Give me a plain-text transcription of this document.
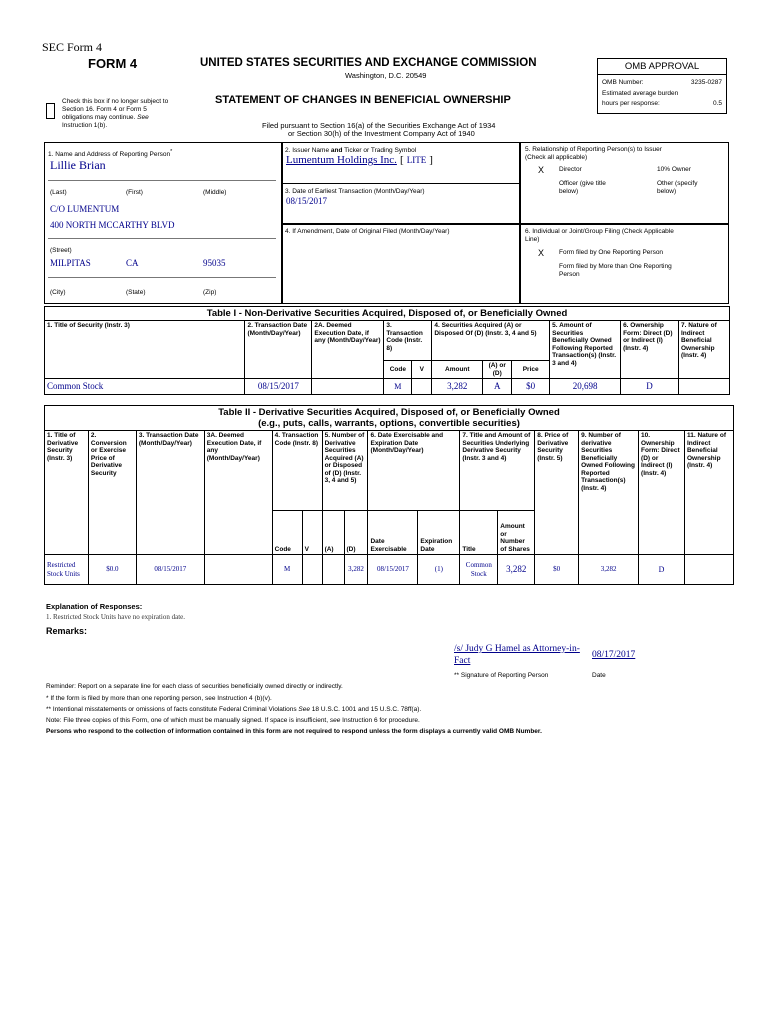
SEC Form 4
FORM 4	UNITED STATES SECURITIES AND EXCHANGE COMMISSION
Washington, D.C. 20549
OMB APPROVAL
OMB Number:	3235-0287
Estimated average burden
hours per response:	0.5
Check this box if no longer subject to
Section 16. Form 4 or Form 5
obligations may continue. See
Instruction 1(b).
STATEMENT OF CHANGES IN BENEFICIAL OWNERSHIP
Filed pursuant to Section 16(a) of the Securities Exchange Act of 1934
or Section 30(h) of the Investment Company Act of 1940
1. Name and Address of Reporting Person*
Lillie Brian
(Last)	(First)	(Middle)
C/O LUMENTUM
400 NORTH MCCARTHY BLVD
(Street)
MILPITAS	CA	95035
(City)	(State)	(Zip)
2. Issuer Name and Ticker or Trading Symbol
Lumentum Holdings Inc. [ LITE ]
3. Date of Earliest Transaction (Month/Day/Year)
08/15/2017
4. If Amendment, Date of Original Filed (Month/Day/Year)
5. Relationship of Reporting Person(s) to Issuer
(Check all applicable)
X Director	10% Owner
Officer (give title
below)
Other (specify
below)
6. Individual or Joint/Group Filing (Check Applicable
Line)
X Form filed by One Reporting Person
Form filed by More than One Reporting
Person
Table I - Non-Derivative Securities Acquired, Disposed of, or Beneficially Owned										
1. Title of Security (Instr. 3)	2. Transaction Date (Month/Day/Year)	2A. Deemed Execution Date, if any (Month/Day/Year)	3. Transaction Code (Instr. 8)		4. Securities Acquired (A) or Disposed Of (D) (Instr. 3, 4 and 5)			5. Amount of Securities Beneficially Owned Following Reported Transaction(s) (Instr. 3 and 4)	6. Ownership Form: Direct (D) or Indirect (I) (Instr. 4)	7. Nature of Indirect Beneficial Ownership (Instr. 4)
			Code	V	Amount	(A) or (D)	Price			
Common Stock	08/15/2017		M		3,282	A	$0	20,698	D	
Table II - Derivative Securities Acquired, Disposed of, or Beneficially Owned
(e.g., puts, calls, warrants, options, convertible securities)															

1. Title of Derivative Security (Instr. 3)	2. Conversion or Exercise Price of Derivative Security	3. Transaction Date (Month/Day/Year)	3A. Deemed Execution Date, if any (Month/Day/Year)	4. Transaction Code (Instr. 8)		5. Number of Derivative Securities Acquired (A) or Disposed of (D) (Instr. 3, 4 and 5)		6. Date Exercisable and Expiration Date (Month/Day/Year)		7. Title and Amount of Securities Underlying Derivative Security (Instr. 3 and 4)		8. Price of Derivative Security (Instr. 5)	9. Number of derivative Securities Beneficially Owned Following Reported Transaction(s) (Instr. 4)	10. Ownership Form: Direct (D) or Indirect (I) (Instr. 4)	11. Nature of Indirect Beneficial Ownership (Instr. 4)
				Code	V	(A)	(D)	Date Exercisable	Expiration Date	Title	Amount or Number of Shares				
Restricted Stock Units	$0.0	08/15/2017		M			3,282	08/15/2017	(1)	Common Stock	3,282	$0	3,282	D	
Explanation of Responses:
1. Restricted Stock Units have no expiration date.
Remarks:
/s/ Judy G Hamel as Attorney-in-Fact
08/17/2017
** Signature of Reporting Person	Date
Reminder: Report on a separate line for each class of securities beneficially owned directly or indirectly.
* If the form is filed by more than one reporting person, see Instruction 4 (b)(v).
** Intentional misstatements or omissions of facts constitute Federal Criminal Violations See 18 U.S.C. 1001 and 15 U.S.C. 78ff(a).
Note: File three copies of this Form, one of which must be manually signed. If space is insufficient, see Instruction 6 for procedure.
Persons who respond to the collection of information contained in this form are not required to respond unless the form displays a currently valid OMB Number.
